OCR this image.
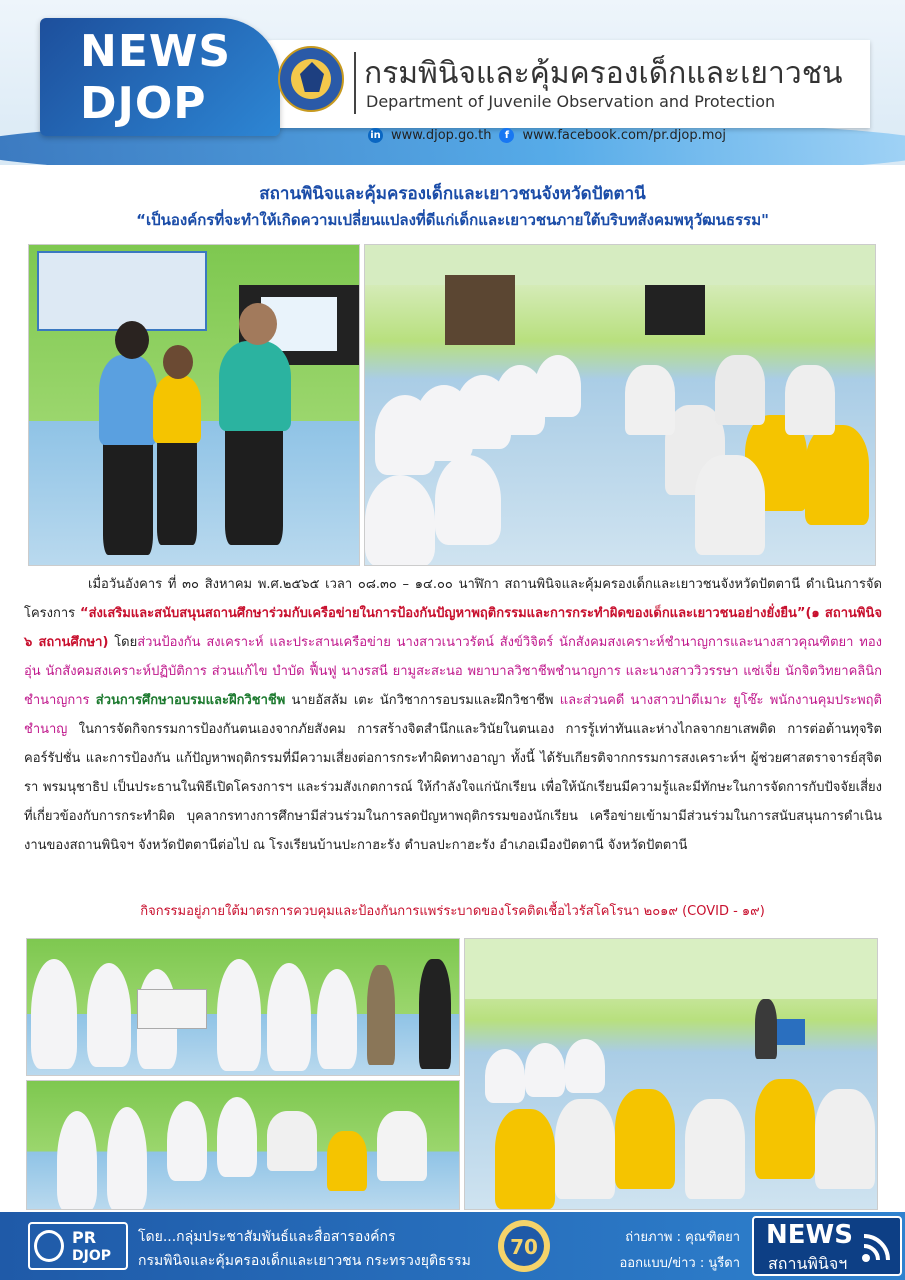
NEWS
DJOP
กรมพินิจและคุ้มครองเด็กและเยาวชน
Department of Juvenile Observation and Protection
in www.djop.go.th	f	www.facebook.com/pr.djop.moj
สถานพินิจและคุ้มครองเด็กและเยาวชนจังหวัดปัตตานี
“เป็นองค์กรที่จะทำให้เกิดความเปลี่ยนแปลงที่ดีแก่เด็กและเยาวชนภายใต้บริบทสังคมพหุวัฒนธรรม"
เมื่อวันอังคาร ที่ ๓๐ สิงหาคม พ.ศ.๒๕๖๕ เวลา ๐๘.๓๐ – ๑๔.๐๐ นาฬิกา สถานพินิจและคุ้มครองเด็กและเยาวชนจังหวัดปัตตานี ดำเนินการจัดโครงการ “ส่งเสริมและสนับสนุนสถานศึกษาร่วมกับเครือข่ายในการป้องกันปัญหาพฤติกรรมและการกระทำผิดของเด็กและเยาวชนอย่างยั่งยืน”(๑ สถานพินิจ ๖ สถานศึกษา) โดยส่วนป้องกัน สงเคราะห์ และประสานเครือข่าย นางสาวเนาวรัตน์ สังข์วิจิตร์ นักสังคมสงเคราะห์ชำนาญการและนางสาวคุณฑิตยา ทองอุ่น นักสังคมสงเคราะห์ปฏิบัติการ ส่วนแก้ไข บำบัด ฟื้นฟู นางรสนี ยามูสะสะนอ พยาบาลวิชาชีพชำนาญการ และนางสาววิวรรษา แซ่เจี่ย นักจิตวิทยาคลินิกชำนาญการ ส่วนการศึกษาอบรมและฝึกวิชาชีพ นายอัสลัม เตะ นักวิชาการอบรมและฝึกวิชาชีพ และส่วนคดี นางสาวปาตีเมาะ ยูโซ๊ะ พนักงานคุมประพฤติชำนาญ ในการจัดกิจกรรมการป้องกันตนเองจากภัยสังคม การสร้างจิตสำนึกและวินัยในตนเอง การรู้เท่าทันและห่างไกลจากยาเสพติด การต่อต้านทุจริตคอร์รัปชั่น และการป้องกัน แก้ปัญหาพฤติกรรมที่มีความเสี่ยงต่อการกระทำผิดทางอาญา ทั้งนี้ ได้รับเกียรติจากกรรมการสงเคราะห์ฯ ผู้ช่วยศาสตราจารย์สุจิตรา พรมนุชาธิป เป็นประธานในพิธีเปิดโครงการฯ และร่วมสังเกตการณ์ ให้กำลังใจแก่นักเรียน เพื่อให้นักเรียนมีความรู้และมีทักษะในการจัดการกับปัจจัยเสี่ยงที่เกี่ยวข้องกับการกระทำผิด บุคลากรทางการศึกษามีส่วนร่วมในการลดปัญหาพฤติกรรมของนักเรียน เครือข่ายเข้ามามีส่วนร่วมในการสนับสนุนการดำเนินงานของสถานพินิจฯ จังหวัดปัตตานีต่อไป ณ โรงเรียนบ้านปะกาฮะรัง ตำบลปะกาฮะรัง อำเภอเมืองปัตตานี จังหวัดปัตตานี
กิจกรรมอยู่ภายใต้มาตรการควบคุมและป้องกันการแพร่ระบาดของโรคติดเชื้อไวรัสโคโรนา ๒๐๑๙ (COVID - ๑๙)
PR
DJOP
โดย...กลุ่มประชาสัมพันธ์และสื่อสารองค์กร
กรมพินิจและคุ้มครองเด็กและเยาวชน กระทรวงยุติธรรม
70	ถ่ายภาพ : คุณฑิตยา
ออกแบบ/ข่าว : นูรีดา
NEWS
สถานพินิจฯ
